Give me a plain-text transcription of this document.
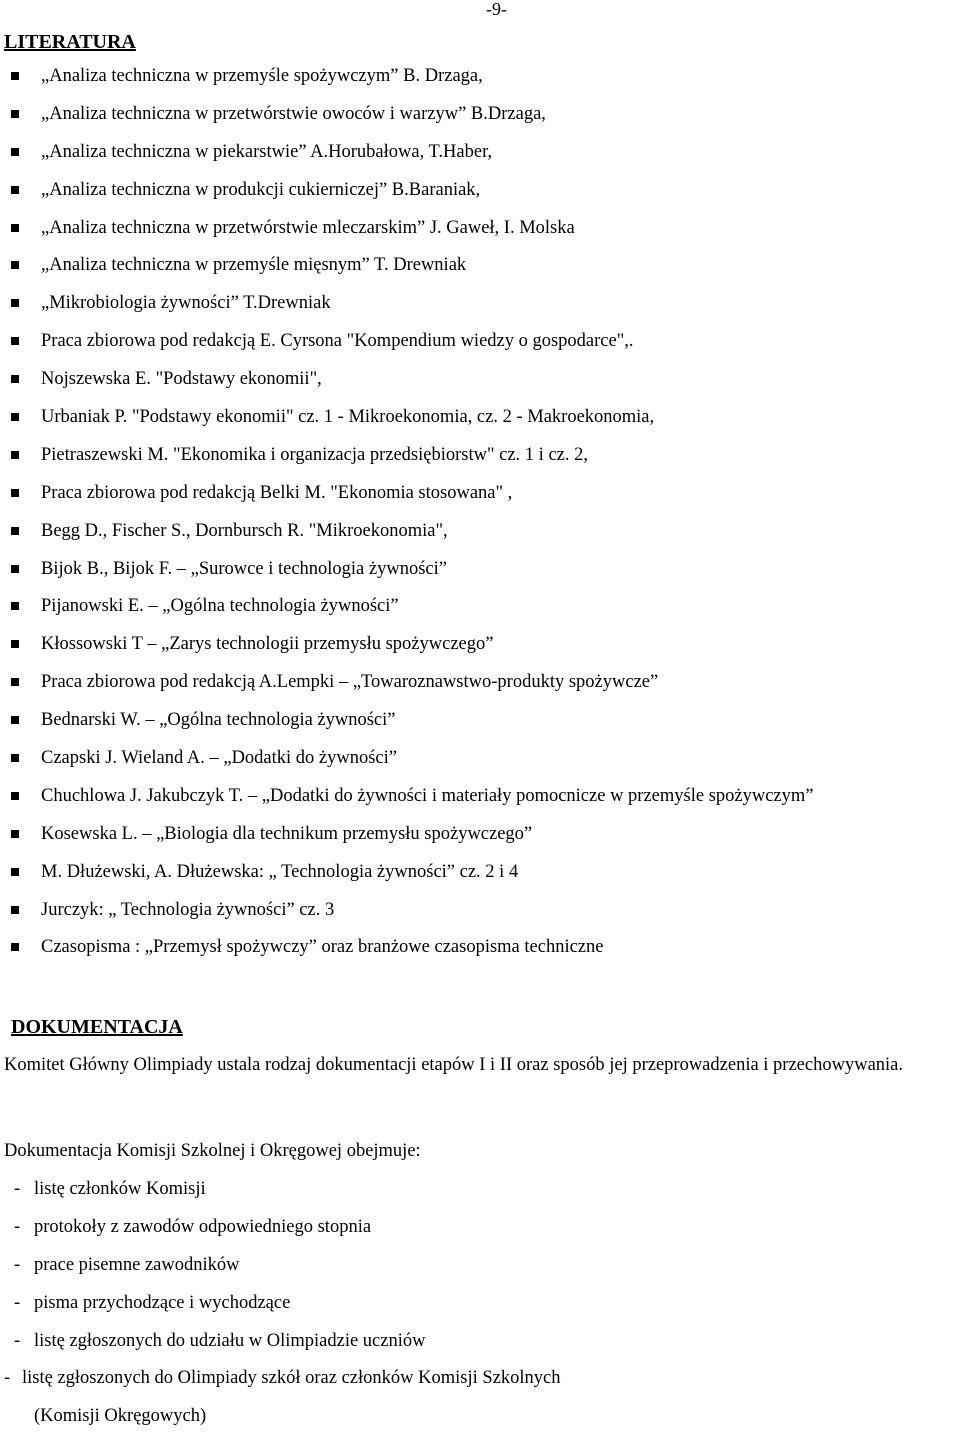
-9-
LITERATURA
„Analiza techniczna w przemyśle spożywczym” B. Drzaga,
„Analiza techniczna w przetwórstwie owoców i warzyw” B.Drzaga,
„Analiza techniczna w piekarstwie” A.Horubałowa, T.Haber,
„Analiza techniczna w produkcji cukierniczej” B.Baraniak,
„Analiza techniczna w przetwórstwie mleczarskim” J. Gaweł, I. Molska
„Analiza techniczna w przemyśle mięsnym” T. Drewniak
„Mikrobiologia żywności” T.Drewniak
Praca zbiorowa pod redakcją E. Cyrsona "Kompendium wiedzy o gospodarce",.
Nojszewska E. "Podstawy ekonomii",
Urbaniak P. "Podstawy ekonomii" cz. 1 - Mikroekonomia, cz. 2 - Makroekonomia,
Pietraszewski M. "Ekonomika i organizacja przedsiębiorstw" cz. 1 i cz. 2,
Praca zbiorowa pod redakcją Belki M. "Ekonomia stosowana" ,
Begg D., Fischer S., Dornbursch R. "Mikroekonomia",
Bijok B., Bijok F. – „Surowce i technologia żywności”
Pijanowski E. – „Ogólna technologia żywności”
Kłossowski T – „Zarys technologii przemysłu spożywczego”
Praca zbiorowa pod redakcją A.Lempki – „Towaroznawstwo-produkty spożywcze”
Bednarski W. – „Ogólna technologia żywności”
Czapski J. Wieland A. – „Dodatki do żywności”
Chuchlowa J. Jakubczyk T. – „Dodatki do żywności i materiały pomocnicze w przemyśle spożywczym”
Kosewska L. – „Biologia dla technikum przemysłu spożywczego”
M. Dłużewski, A. Dłużewska: „ Technologia żywności” cz. 2 i 4
Jurczyk: „ Technologia żywności” cz. 3
Czasopisma : „Przemysł spożywczy” oraz branżowe czasopisma techniczne
DOKUMENTACJA

Komitet Główny Olimpiady ustala rodzaj dokumentacji etapów I i II oraz sposób jej przeprowadzenia i przechowywania.

Dokumentacja Komisji Szkolnej i Okręgowej obejmuje:

- listę członków Komisji
- protokoły z zawodów odpowiedniego stopnia
- prace pisemne zawodników
- pisma przychodzące i wychodzące
- listę zgłoszonych do udziału w Olimpiadzie uczniów
- listę zgłoszonych do Olimpiady szkół oraz członków Komisji Szkolnych
(Komisji Okręgowych)
